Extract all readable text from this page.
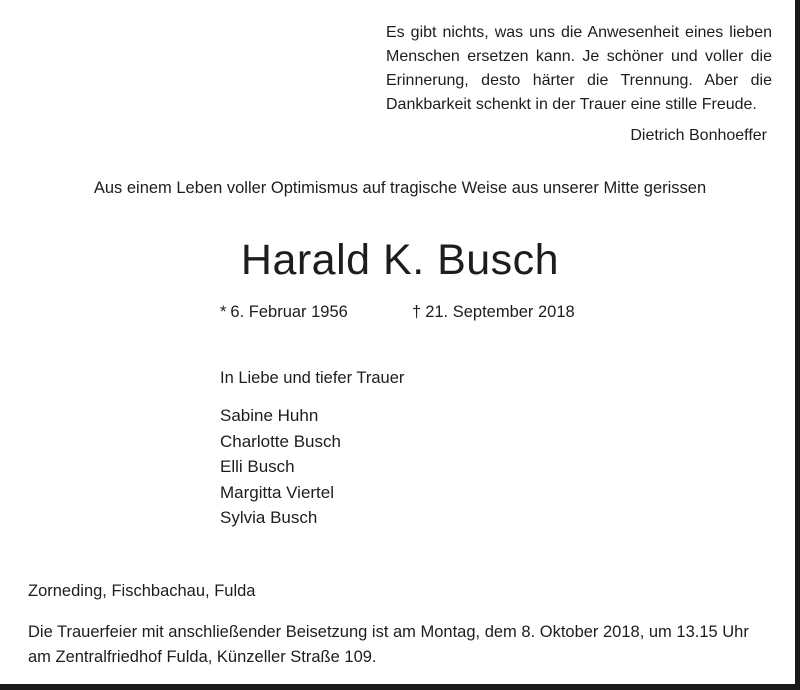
Es gibt nichts, was uns die Anwesenheit eines lieben
Menschen ersetzen kann. Je schöner und voller die
Erinnerung, desto härter die Trennung. Aber die
Dankbarkeit schenkt in der Trauer eine stille Freude.
Dietrich Bonhoeffer
Aus einem Leben voller Optimismus auf tragische Weise aus unserer Mitte gerissen
Harald K. Busch
* 6. Februar 1956	† 21. September 2018
In Liebe und tiefer Trauer
Sabine Huhn
Charlotte Busch
Elli Busch
Margitta Viertel
Sylvia Busch
Zorneding, Fischbachau, Fulda
Die Trauerfeier mit anschließender Beisetzung ist am Montag, dem 8. Oktober 2018, um 13.15 Uhr
am Zentralfriedhof Fulda, Künzeller Straße 109.
